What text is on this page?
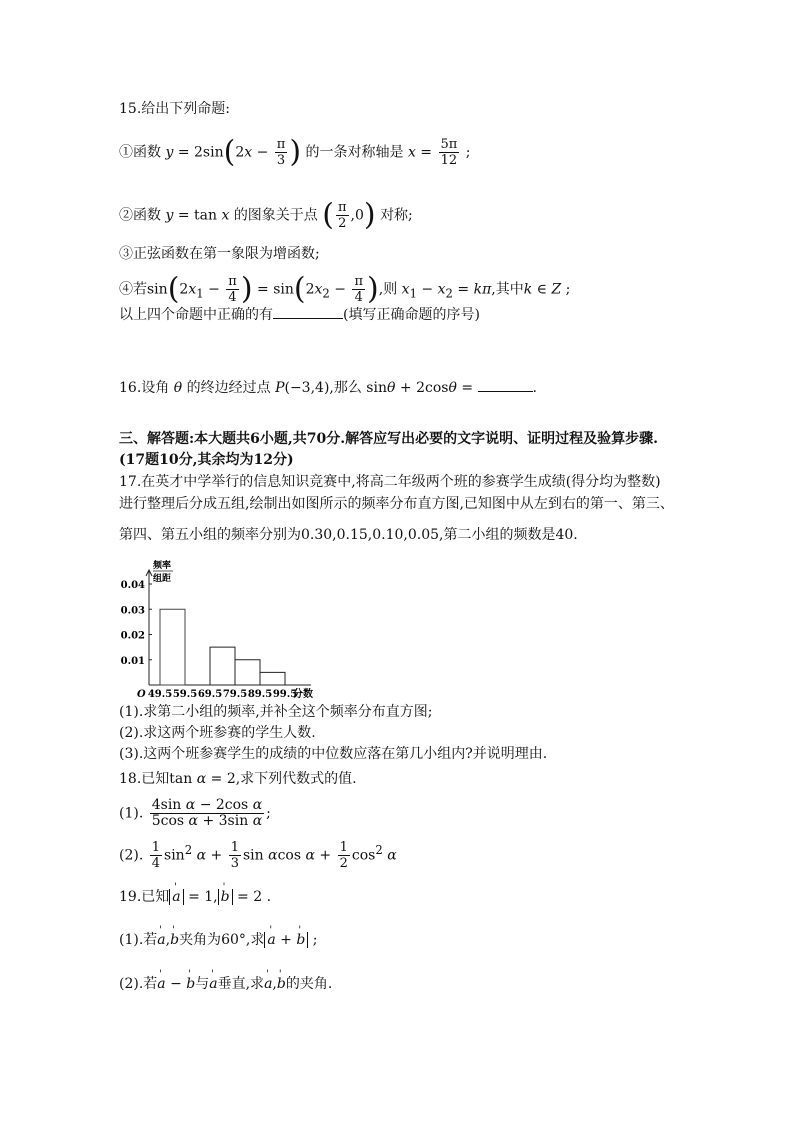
15.给出下列命题:
①函数 $y = 2\sin(2x - \frac{\pi}{3}$ ) 的一条对称轴是 $x = \frac{5\pi}{12}$ ;
②函数 y = tan x 的图象关于点 ( $\frac{\pi}{2} ,0$) 对称;
③正弦函数在第一象限为增函数;
④若$\sin(2x_1 - \frac{\pi}{4}$ ) = $\sin(2x_2 - \frac{\pi}{4}$ ),则 $x_1 - x_2 = k\pi$,其中k ∈ Z ;
以上四个命题中正确的有	(填写正确命题的序号)
16.设角 θ 的终边经过点 P(−3,4),那么 sinθ + 2cosθ =	.
三、解答题:本大题共6小题,共70分.解答应写出必要的文字说明、证明过程及验算步骤.
(17题10分,其余均为12分)
17.在英才中学举行的信息知识竞赛中,将高二年级两个班的参赛学生成绩(得分均为整数)
进行整理后分成五组,绘制出如图所示的频率分布直方图,已知图中从左到右的第一、第三、
第四、第五小组的频率分别为0.30,0.15,0.10,0.05,第二小组的频数是40.
0.01
0.02
0.03
0.04
49.5 59.5 69.5 79.5 89.5 99.5
O	分数
频率
组距
(1).求第二小组的频率,并补全这个频率分布直方图;
(2).求这两个班参赛的学生人数.
(3).这两个班参赛学生的成绩的中位数应落在第几小组内?并说明理由.
18.已知tan α = 2,求下列代数式的值.
(1). $\frac{\text{4sin α − 2cos α}}{\text{5cos α + 3sin α}}$ ;
(2). $\frac{1}{4} \sin^2 \alpha + \frac{1}{3}$ sin αcos $\alpha + \frac{1}{2} \cos^2 \alpha$
19.已知 ' a = 1, ' b = 2 .
(1).若' a,' b夹角为60°,求 ' a + ' b ;
(2).若' a − ' b与' a垂直,求' a,' b的夹角.
